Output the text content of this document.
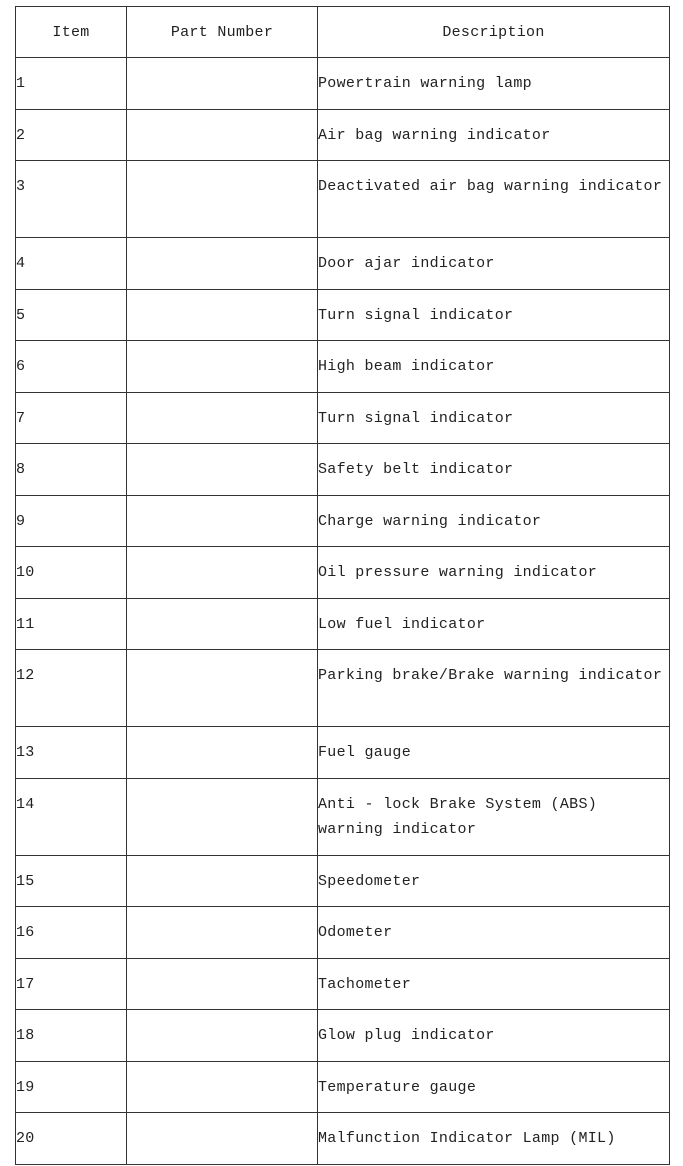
Item	Part Number	Description
1		Powertrain warning lamp
2		Air bag warning indicator
3		Deactivated air bag warning indicator
4		Door ajar indicator
5		Turn signal indicator
6		High beam indicator
7		Turn signal indicator
8		Safety belt indicator
9		Charge warning indicator
10		Oil pressure warning indicator
11		Low fuel indicator
12		Parking brake/Brake warning indicator
13		Fuel gauge
14		Anti - lock Brake System (ABS) warning indicator
15		Speedometer
16		Odometer
17		Tachometer
18		Glow plug indicator
19		Temperature gauge
20		Malfunction Indicator Lamp (MIL)
